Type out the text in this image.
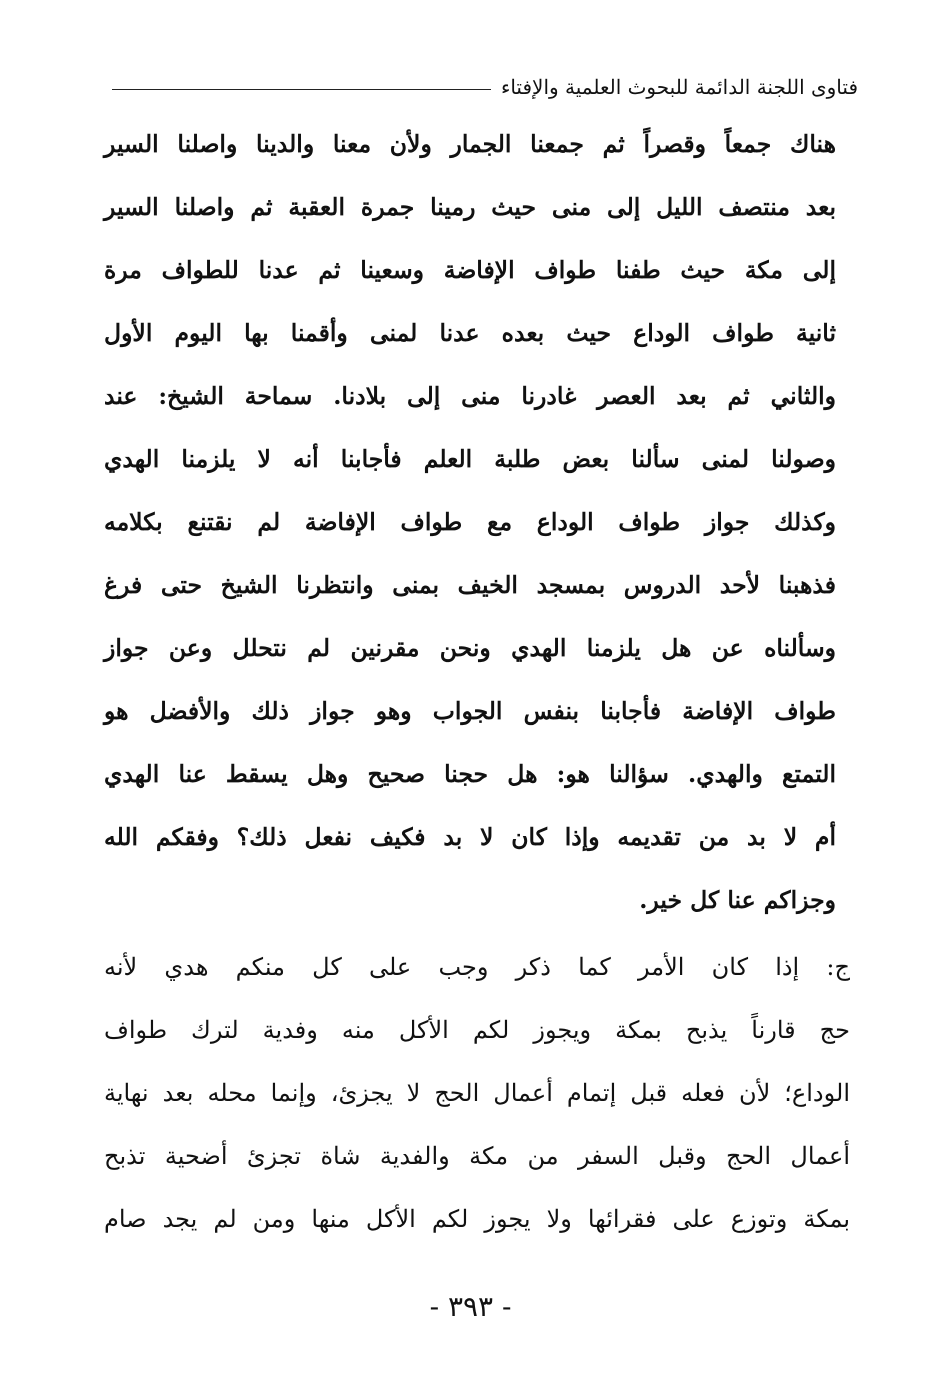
فتاوى اللجنة الدائمة للبحوث العلمية والإفتاء
هناك جمعاً وقصراً ثم جمعنا الجمار ولأن معنا والدينا واصلنا السير
بعد منتصف الليل إلى منى حيث رمينا جمرة العقبة ثم واصلنا السير
إلى مكة حيث طفنا طواف الإفاضة وسعينا ثم عدنا للطواف مرة
ثانية طواف الوداع حيث بعده عدنا لمنى وأقمنا بها اليوم الأول
والثاني ثم بعد العصر غادرنا منى إلى بلادنا. سماحة الشيخ: عند
وصولنا لمنى سألنا بعض طلبة العلم فأجابنا أنه لا يلزمنا الهدي
وكذلك جواز طواف الوداع مع طواف الإفاضة لم نقتنع بكلامه
فذهبنا لأحد الدروس بمسجد الخيف بمنى وانتظرنا الشيخ حتى فرغ
وسألناه عن هل يلزمنا الهدي ونحن مقرنين لم نتحلل وعن جواز
طواف الإفاضة فأجابنا بنفس الجواب وهو جواز ذلك والأفضل هو
التمتع والهدي. سؤالنا هو: هل حجنا صحيح وهل يسقط عنا الهدي
أم لا بد من تقديمه وإذا كان لا بد فكيف نفعل ذلك؟ وفقكم الله
وجزاكم عنا كل خير.
ج: إذا كان الأمر كما ذكر وجب على كل منكم هدي لأنه
حج قارناً يذبح بمكة ويجوز لكم الأكل منه وفدية لترك طواف
الوداع؛ لأن فعله قبل إتمام أعمال الحج لا يجزئ، وإنما محله بعد نهاية
أعمال الحج وقبل السفر من مكة والفدية شاة تجزئ أضحية تذبح
بمكة وتوزع على فقرائها ولا يجوز لكم الأكل منها ومن لم يجد صام
- ٣٩٣ -
